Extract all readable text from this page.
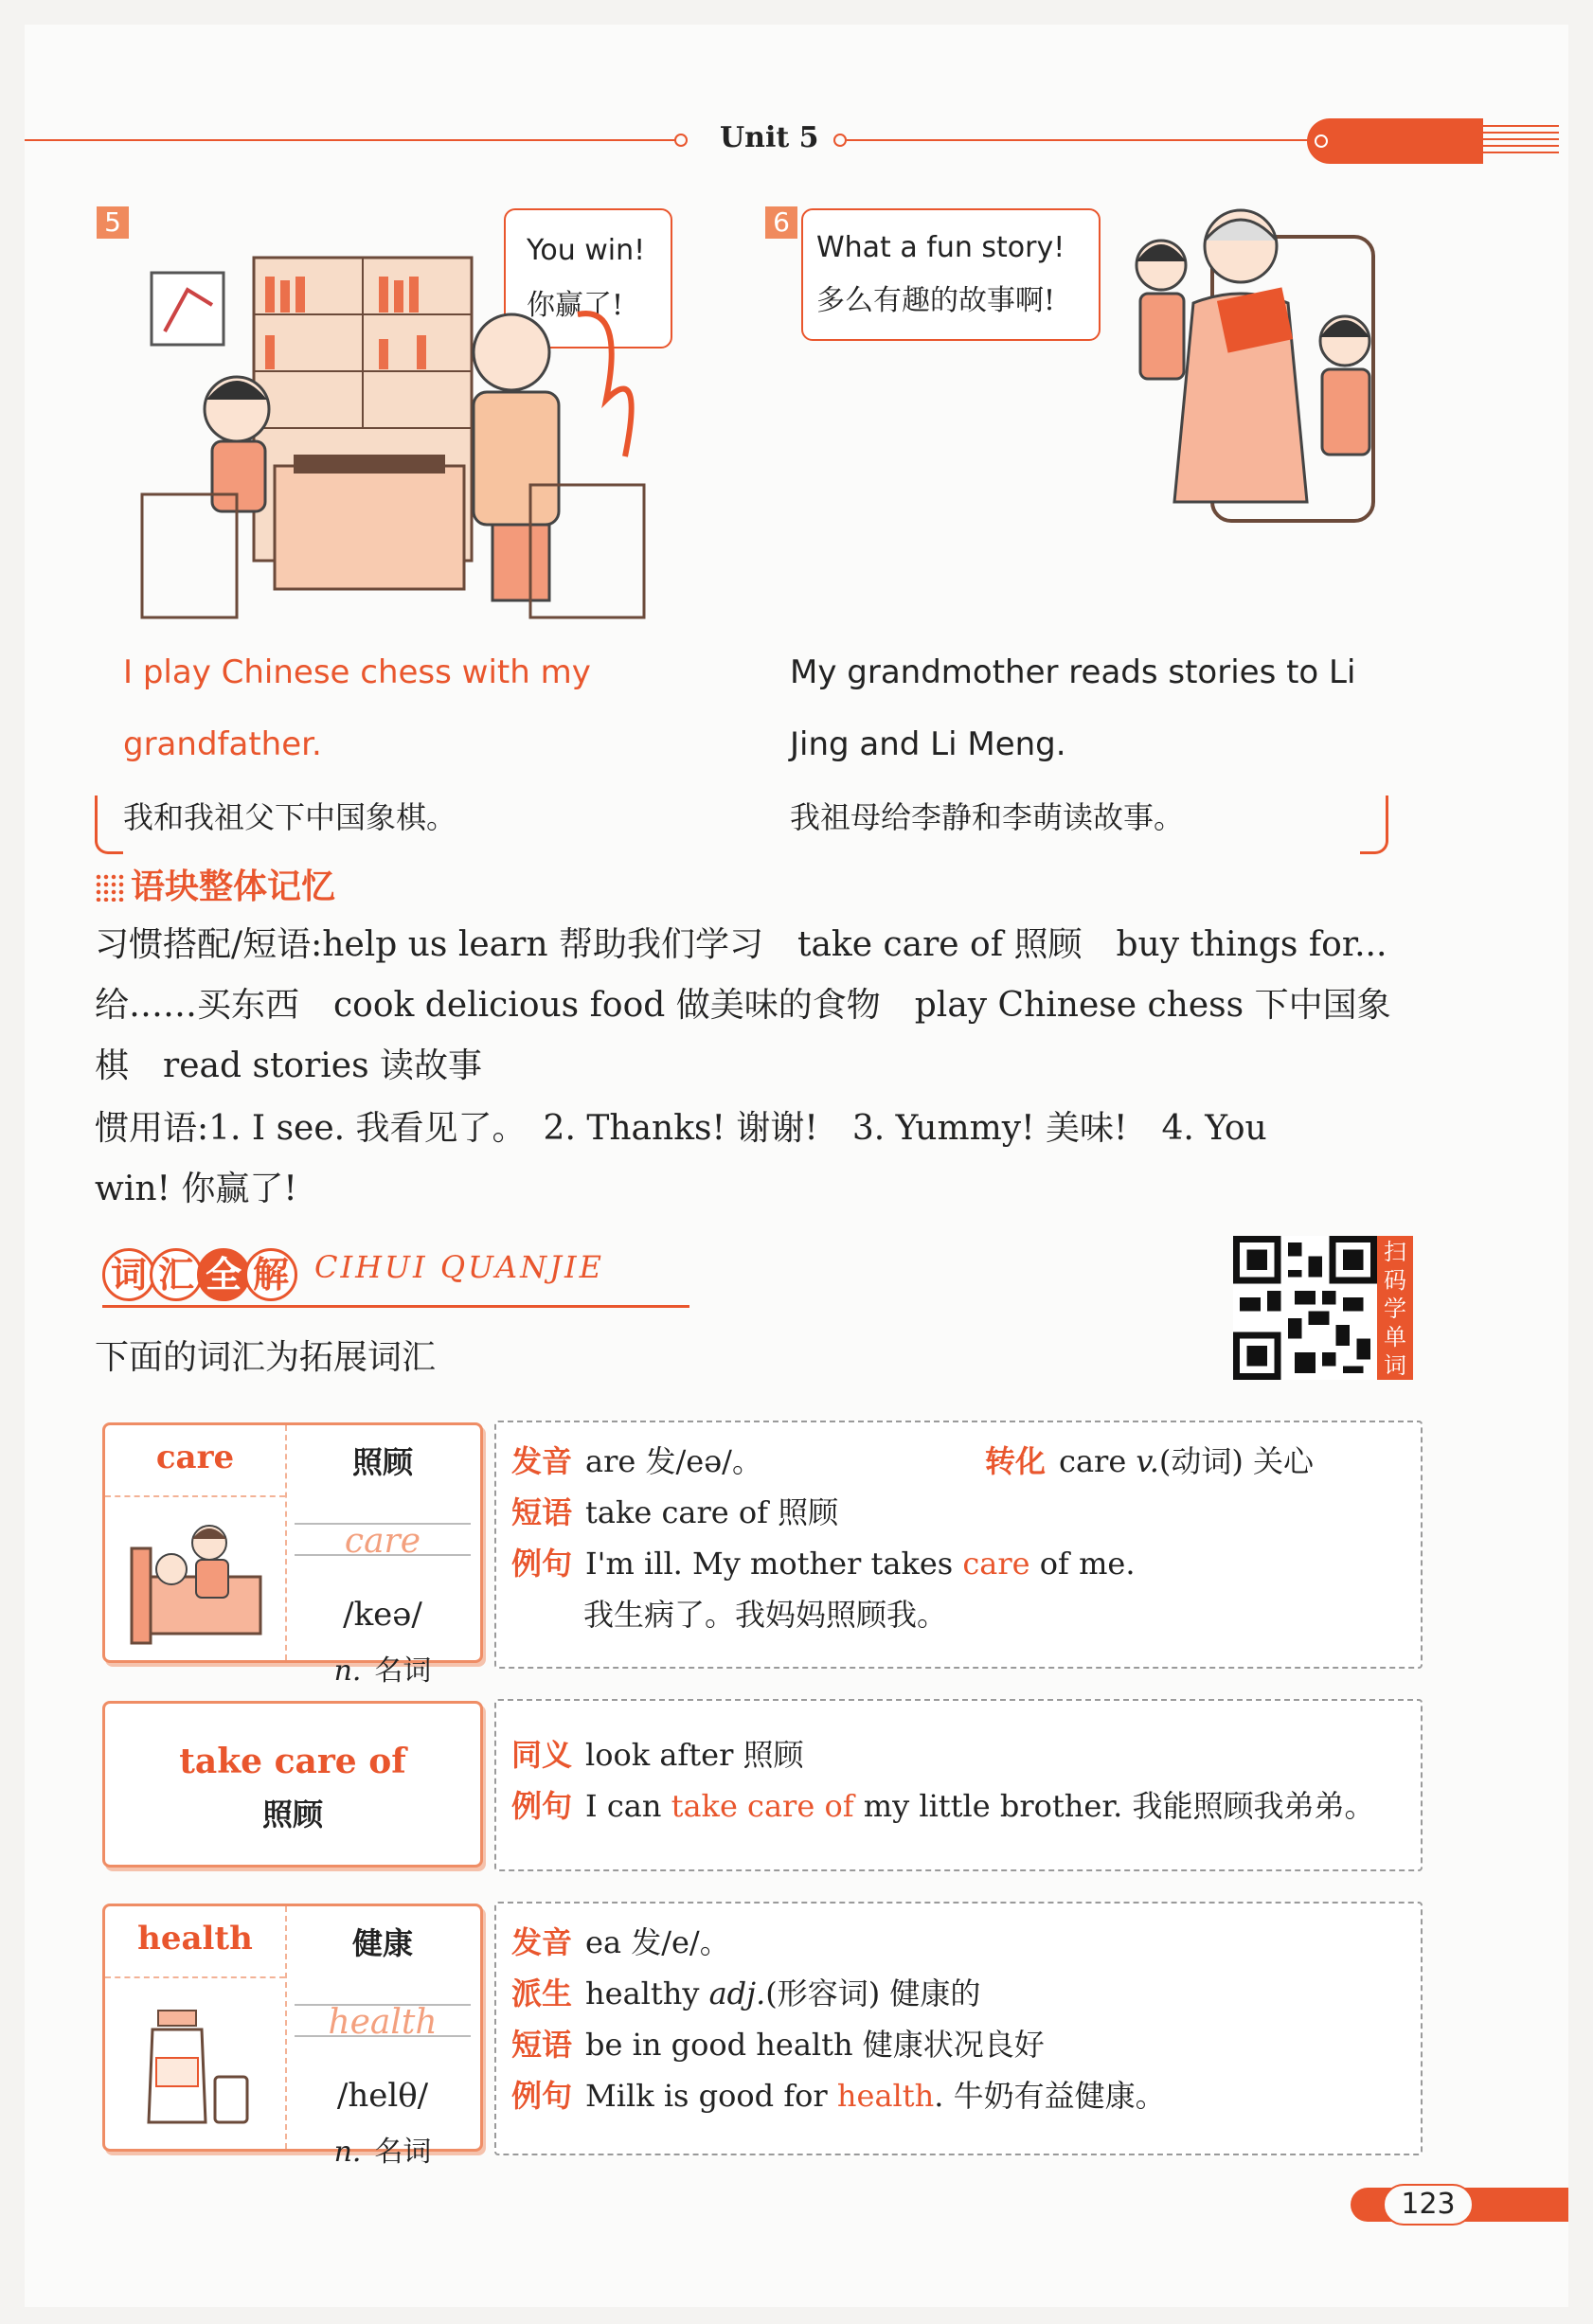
Unit 5
5
You win!
你赢了!
I play Chinese chess with my
grandfather.
我和我祖父下中国象棋。
6
What a fun story!
多么有趣的故事啊!
My grandmother reads stories to Li
Jing and Li Meng.
我祖母给李静和李萌读故事。
语块整体记忆
习惯搭配/短语:help us learn 帮助我们学习　take care of 照顾　buy things for...
给……买东西　cook delicious food 做美味的食物　play Chinese chess 下中国象
棋　read stories 读故事
惯用语:1. I see. 我看见了。　2. Thanks! 谢谢!　3. Yummy! 美味!　4. You
win! 你赢了!
词 汇 全 解 CIHUI QUANJIE	扫
码
学
单
词
下面的词汇为拓展词汇
care	照顾
care
/keə/
n. 名词
发音 are 发/eə/。	转化 care v.(动词) 关心
短语 take care of 照顾
例句 I'm ill. My mother takes care of me.
我生病了。我妈妈照顾我。
take care of
照顾
同义 look after 照顾
例句 I can take care of my little brother. 我能照顾我弟弟。
health	健康
health
/helθ/
n. 名词
发音 ea 发/e/。
派生 healthy adj.(形容词) 健康的
短语 be in good health 健康状况良好
例句 Milk is good for health. 牛奶有益健康。
❦ 123
